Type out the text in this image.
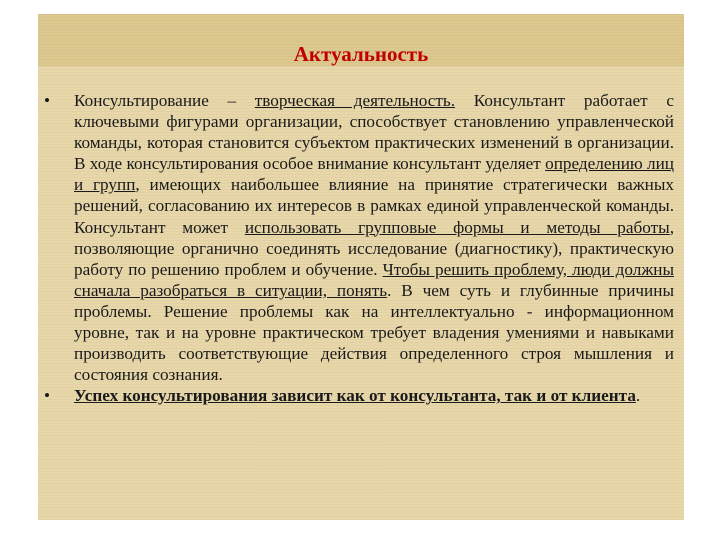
Актуальность

• Консультирование – творческая деятельность. Консультант работает с ключевыми фигурами организации, способствует становлению управленческой команды, которая становится субъектом практических изменений в организации. В ходе консультирования особое внимание консультант уделяет определению лиц и групп, имеющих наибольшее влияние на принятие стратегически важных решений, согласованию их интересов в рамках единой управленческой команды. Консультант может использовать групповые формы и методы работы, позволяющие органично соединять исследование (диагностику), практическую работу по решению проблем и обучение. Чтобы решить проблему, люди должны сначала разобраться в ситуации, понять. В чем суть и глубинные причины проблемы. Решение проблемы как на интеллектуально - информационном уровне, так и на уровне практическом требует владения умениями и навыками производить соответствующие действия определенного строя мышления и состояния сознания.

• Успех консультирования зависит как от консультанта, так и от клиента.
